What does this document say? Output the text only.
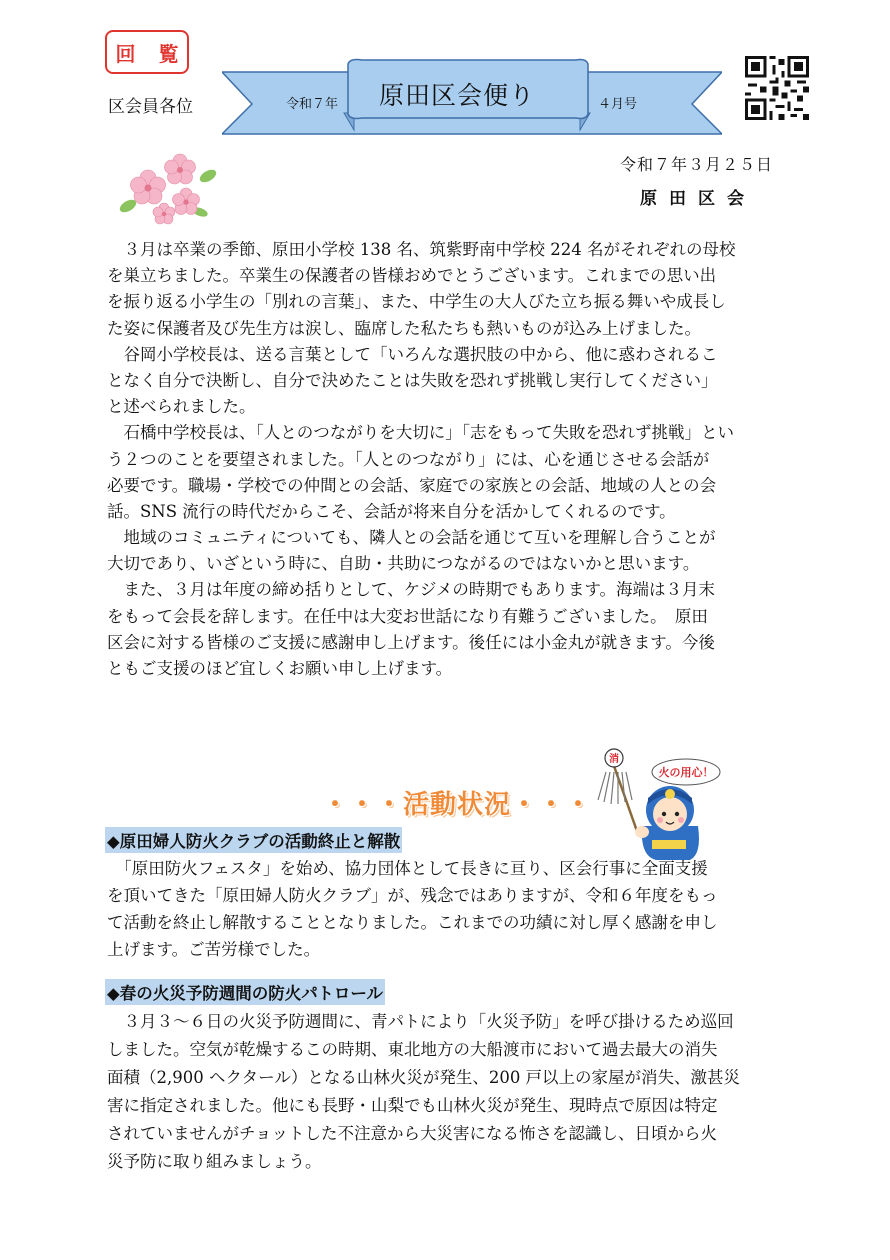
回 覧
区会員各位	令和７年	原田区会便り	４月号
令和７年３月２５日
原田区会
　３月は卒業の季節、原田小学校 138 名、筑紫野南中学校 224 名がそれぞれの母校
を巣立ちました。卒業生の保護者の皆様おめでとうございます。これまでの思い出
を振り返る小学生の「別れの言葉」、また、中学生の大人びた立ち振る舞いや成長し
た姿に保護者及び先生方は涙し、臨席した私たちも熱いものが込み上げました。
　谷岡小学校長は、送る言葉として「いろんな選択肢の中から、他に惑わされるこ
となく自分で決断し、自分で決めたことは失敗を恐れず挑戦し実行してください」
と述べられました。
　石橋中学校長は、「人とのつながりを大切に」「志をもって失敗を恐れず挑戦」とい
う２つのことを要望されました。「人とのつながり」には、心を通じさせる会話が
必要です。職場・学校での仲間との会話、家庭での家族との会話、地域の人との会
話。SNS 流行の時代だからこそ、会話が将来自分を活かしてくれるのです。
　地域のコミュニティについても、隣人との会話を通じて互いを理解し合うことが
大切であり、いざという時に、自助・共助につながるのではないかと思います。
　また、３月は年度の締め括りとして、ケジメの時期でもあります。海端は３月末
をもって会長を辞します。在任中は大変お世話になり有難うございました。　原田
区会に対する皆様のご支援に感謝申し上げます。後任には小金丸が就きます。今後
ともご支援のほど宜しくお願い申し上げます。
・・・活動状況・・・
火の用心！
消
◆原田婦人防火クラブの活動終止と解散
　「原田防火フェスタ」を始め、協力団体として長きに亘り、区会行事に全面支援
を頂いてきた「原田婦人防火クラブ」が、残念ではありますが、令和６年度をもっ
て活動を終止し解散することとなりました。これまでの功績に対し厚く感謝を申し
上げます。ご苦労様でした。
◆春の火災予防週間の防火パトロール
　３月３～６日の火災予防週間に、青パトにより「火災予防」を呼び掛けるため巡回
しました。空気が乾燥するこの時期、東北地方の大船渡市において過去最大の消失
面積（2,900 ヘクタール）となる山林火災が発生、200 戸以上の家屋が消失、激甚災
害に指定されました。他にも長野・山梨でも山林火災が発生、現時点で原因は特定
されていませんがチョットした不注意から大災害になる怖さを認識し、日頃から火
災予防に取り組みましょう。
